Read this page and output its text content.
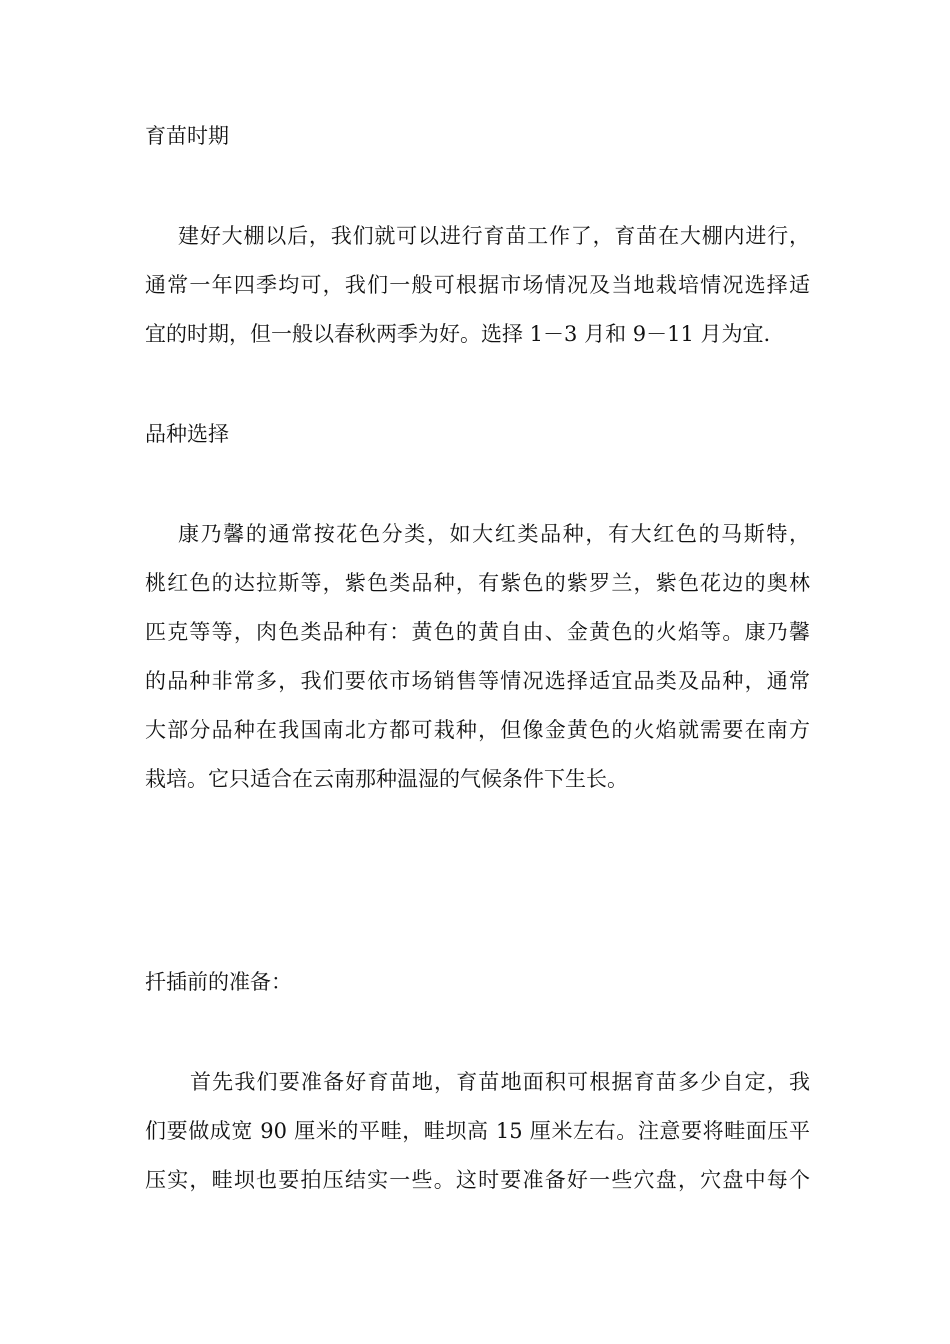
育苗时期
建好大棚以后，我们就可以进行育苗工作了，育苗在大棚内进行，
通常一年四季均可，我们一般可根据市场情况及当地栽培情况选择适
宜的时期，但一般以春秋两季为好。选择 1－3 月和 9－11 月为宜.
品种选择
康乃馨的通常按花色分类，如大红类品种，有大红色的马斯特，
桃红色的达拉斯等，紫色类品种，有紫色的紫罗兰，紫色花边的奥林
匹克等等，肉色类品种有：黄色的黄自由、金黄色的火焰等。康乃馨
的品种非常多，我们要依市场销售等情况选择适宜品类及品种，通常
大部分品种在我国南北方都可栽种，但像金黄色的火焰就需要在南方
栽培。它只适合在云南那种温湿的气候条件下生长。
扦插前的准备：
首先我们要准备好育苗地，育苗地面积可根据育苗多少自定，我
们要做成宽 90 厘米的平畦，畦坝高 15 厘米左右。注意要将畦面压平
压实，畦坝也要拍压结实一些。这时要准备好一些穴盘，穴盘中每个
